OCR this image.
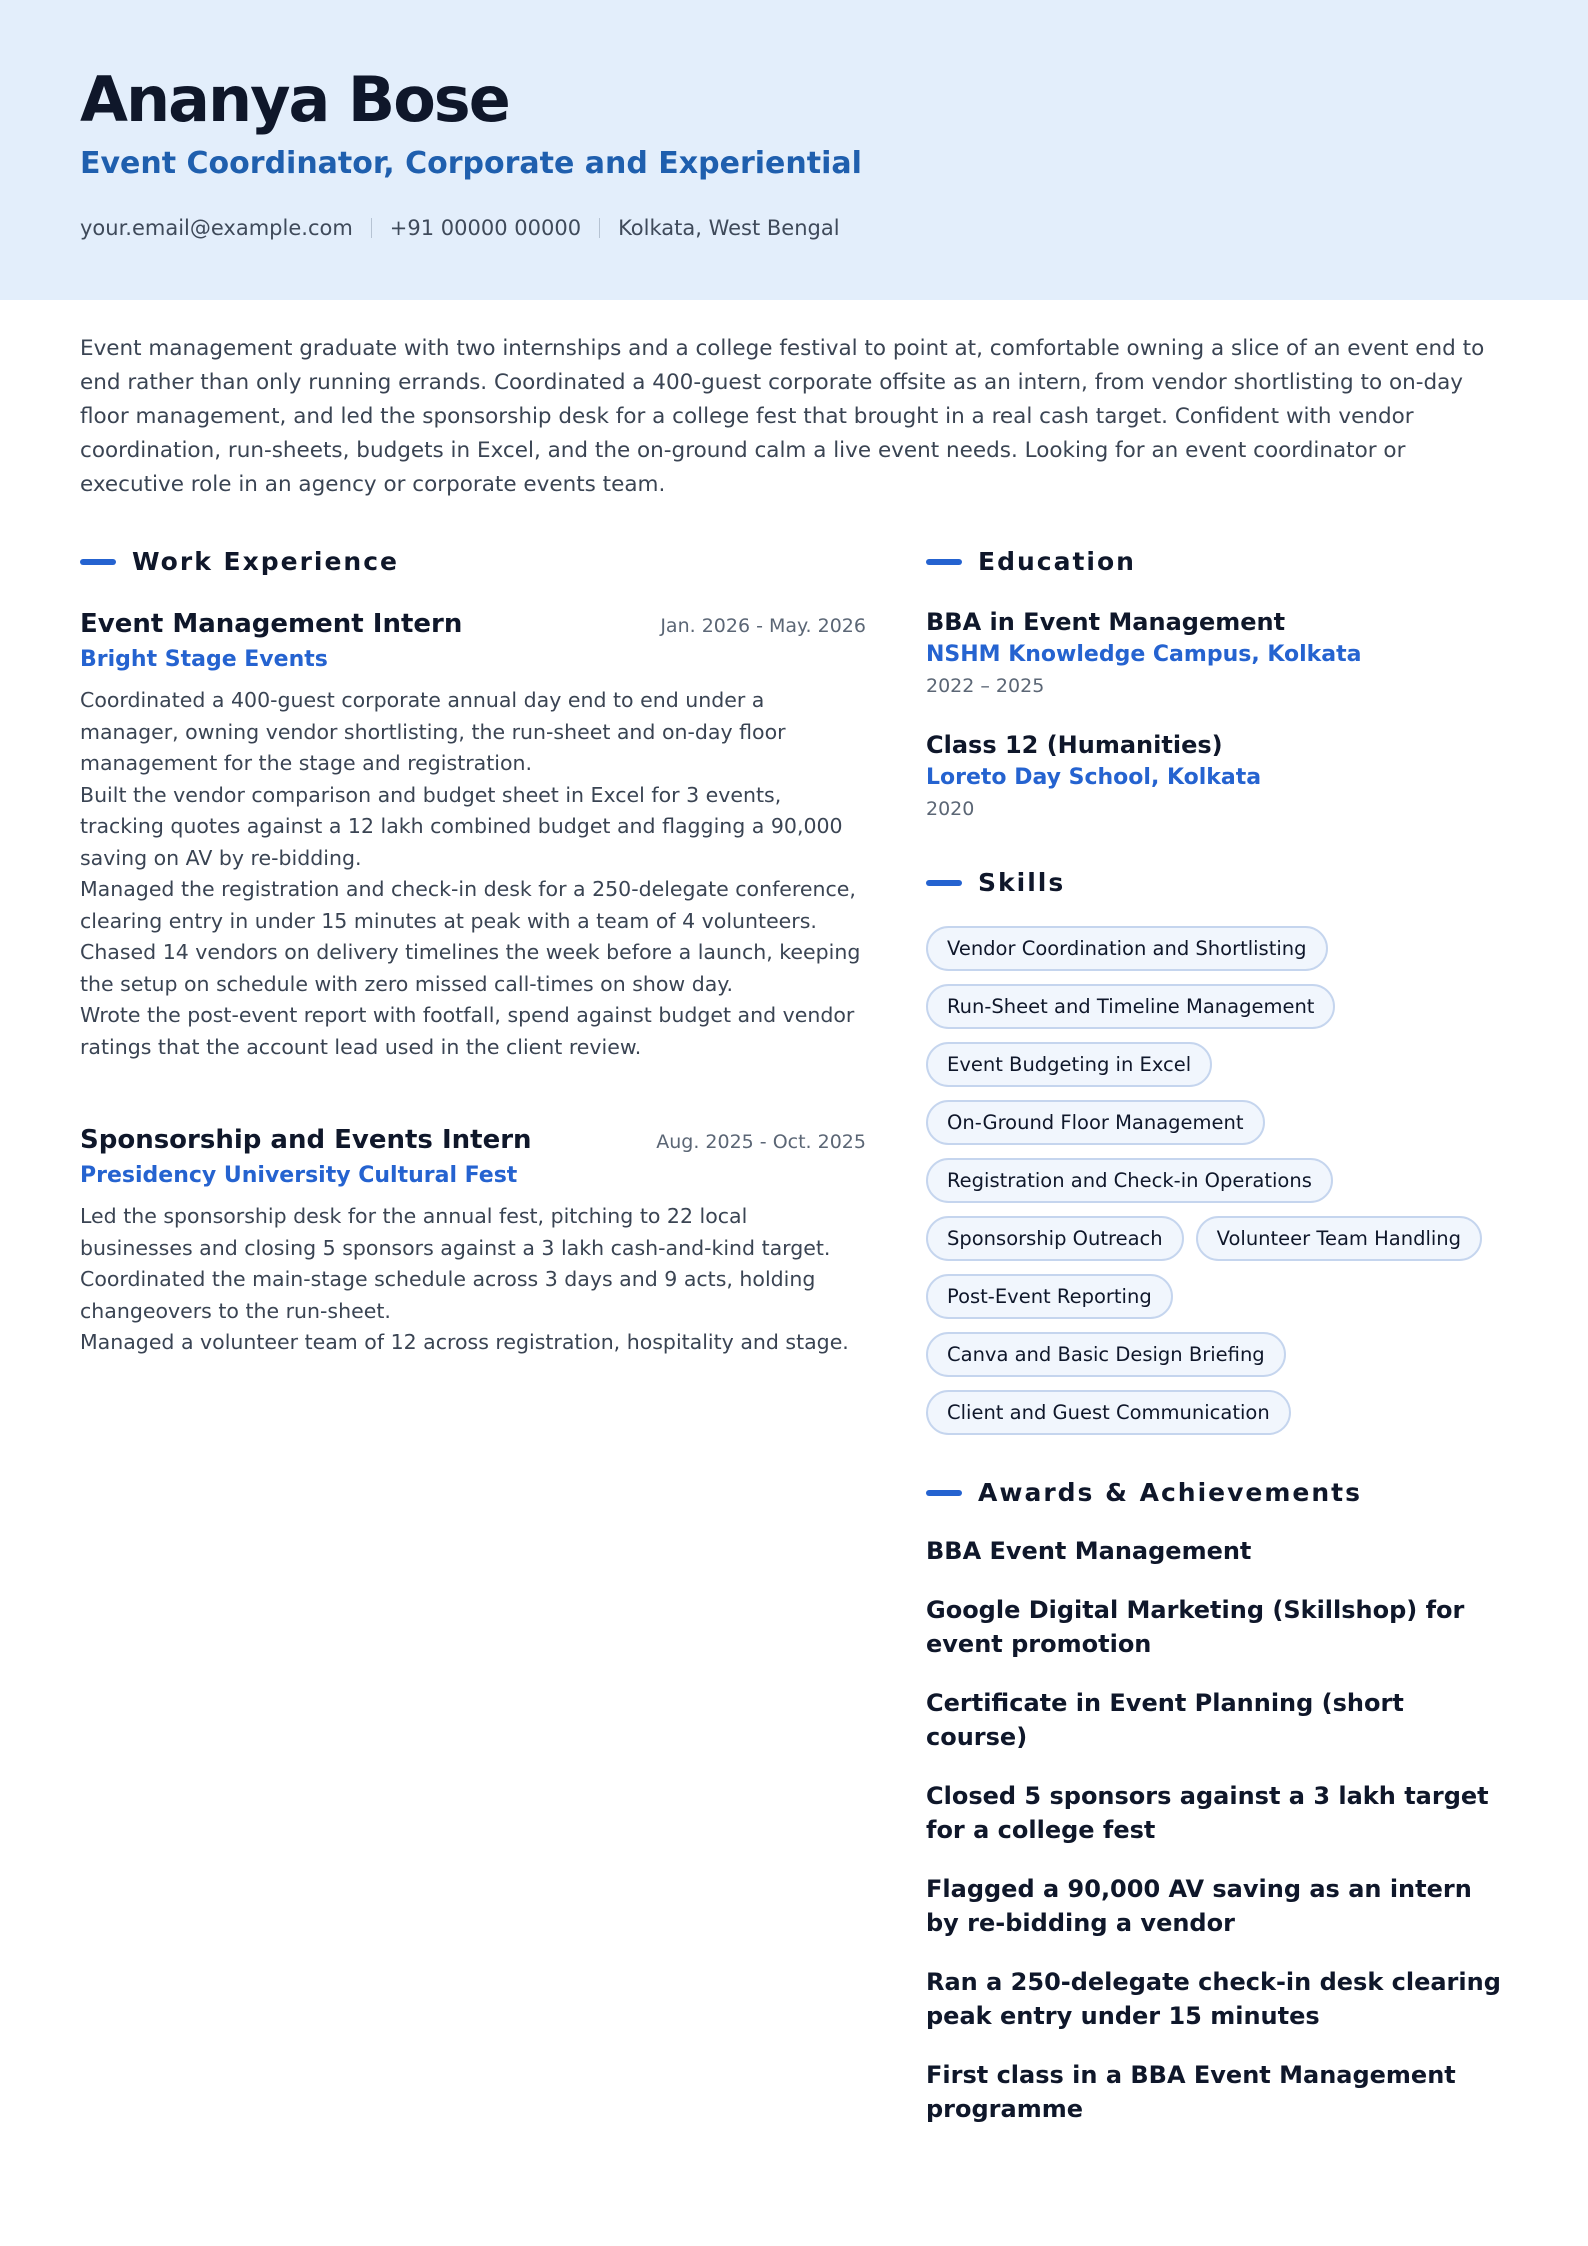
Ananya Bose
Event Coordinator, Corporate and Experiential
your.email@example.com +91 00000 00000 Kolkata, West Bengal
Event management graduate with two internships and a college festival to point at, comfortable owning a slice of an event end to end rather than only running errands. Coordinated a 400-guest corporate offsite as an intern, from vendor shortlisting to on-day floor management, and led the sponsorship desk for a college fest that brought in a real cash target. Confident with vendor coordination, run-sheets, budgets in Excel, and the on-ground calm a live event needs. Looking for an event coordinator or executive role in an agency or corporate events team.
Work Experience
Event Management Intern	Jan. 2026 - May. 2026
Bright Stage Events
Coordinated a 400-guest corporate annual day end to end under a manager, owning vendor shortlisting, the run-sheet and on-day floor management for the stage and registration.
Built the vendor comparison and budget sheet in Excel for 3 events, tracking quotes against a 12 lakh combined budget and flagging a 90,000 saving on AV by re-bidding.
Managed the registration and check-in desk for a 250-delegate conference, clearing entry in under 15 minutes at peak with a team of 4 volunteers.
Chased 14 vendors on delivery timelines the week before a launch, keeping the setup on schedule with zero missed call-times on show day.
Wrote the post-event report with footfall, spend against budget and vendor ratings that the account lead used in the client review.
Sponsorship and Events Intern	Aug. 2025 - Oct. 2025
Presidency University Cultural Fest
Led the sponsorship desk for the annual fest, pitching to 22 local businesses and closing 5 sponsors against a 3 lakh cash-and-kind target.
Coordinated the main-stage schedule across 3 days and 9 acts, holding changeovers to the run-sheet.
Managed a volunteer team of 12 across registration, hospitality and stage.
Education
BBA in Event Management
NSHM Knowledge Campus, Kolkata
2022 – 2025
Class 12 (Humanities)
Loreto Day School, Kolkata
2020
Skills
Vendor Coordination and Shortlisting
Run-Sheet and Timeline Management
Event Budgeting in Excel
On-Ground Floor Management
Registration and Check-in Operations
Sponsorship Outreach	Volunteer Team Handling
Post-Event Reporting
Canva and Basic Design Briefing
Client and Guest Communication
Awards & Achievements
BBA Event Management
Google Digital Marketing (Skillshop) for event promotion
Certificate in Event Planning (short course)
Closed 5 sponsors against a 3 lakh target for a college fest
Flagged a 90,000 AV saving as an intern by re-bidding a vendor
Ran a 250-delegate check-in desk clearing peak entry under 15 minutes
First class in a BBA Event Management programme
